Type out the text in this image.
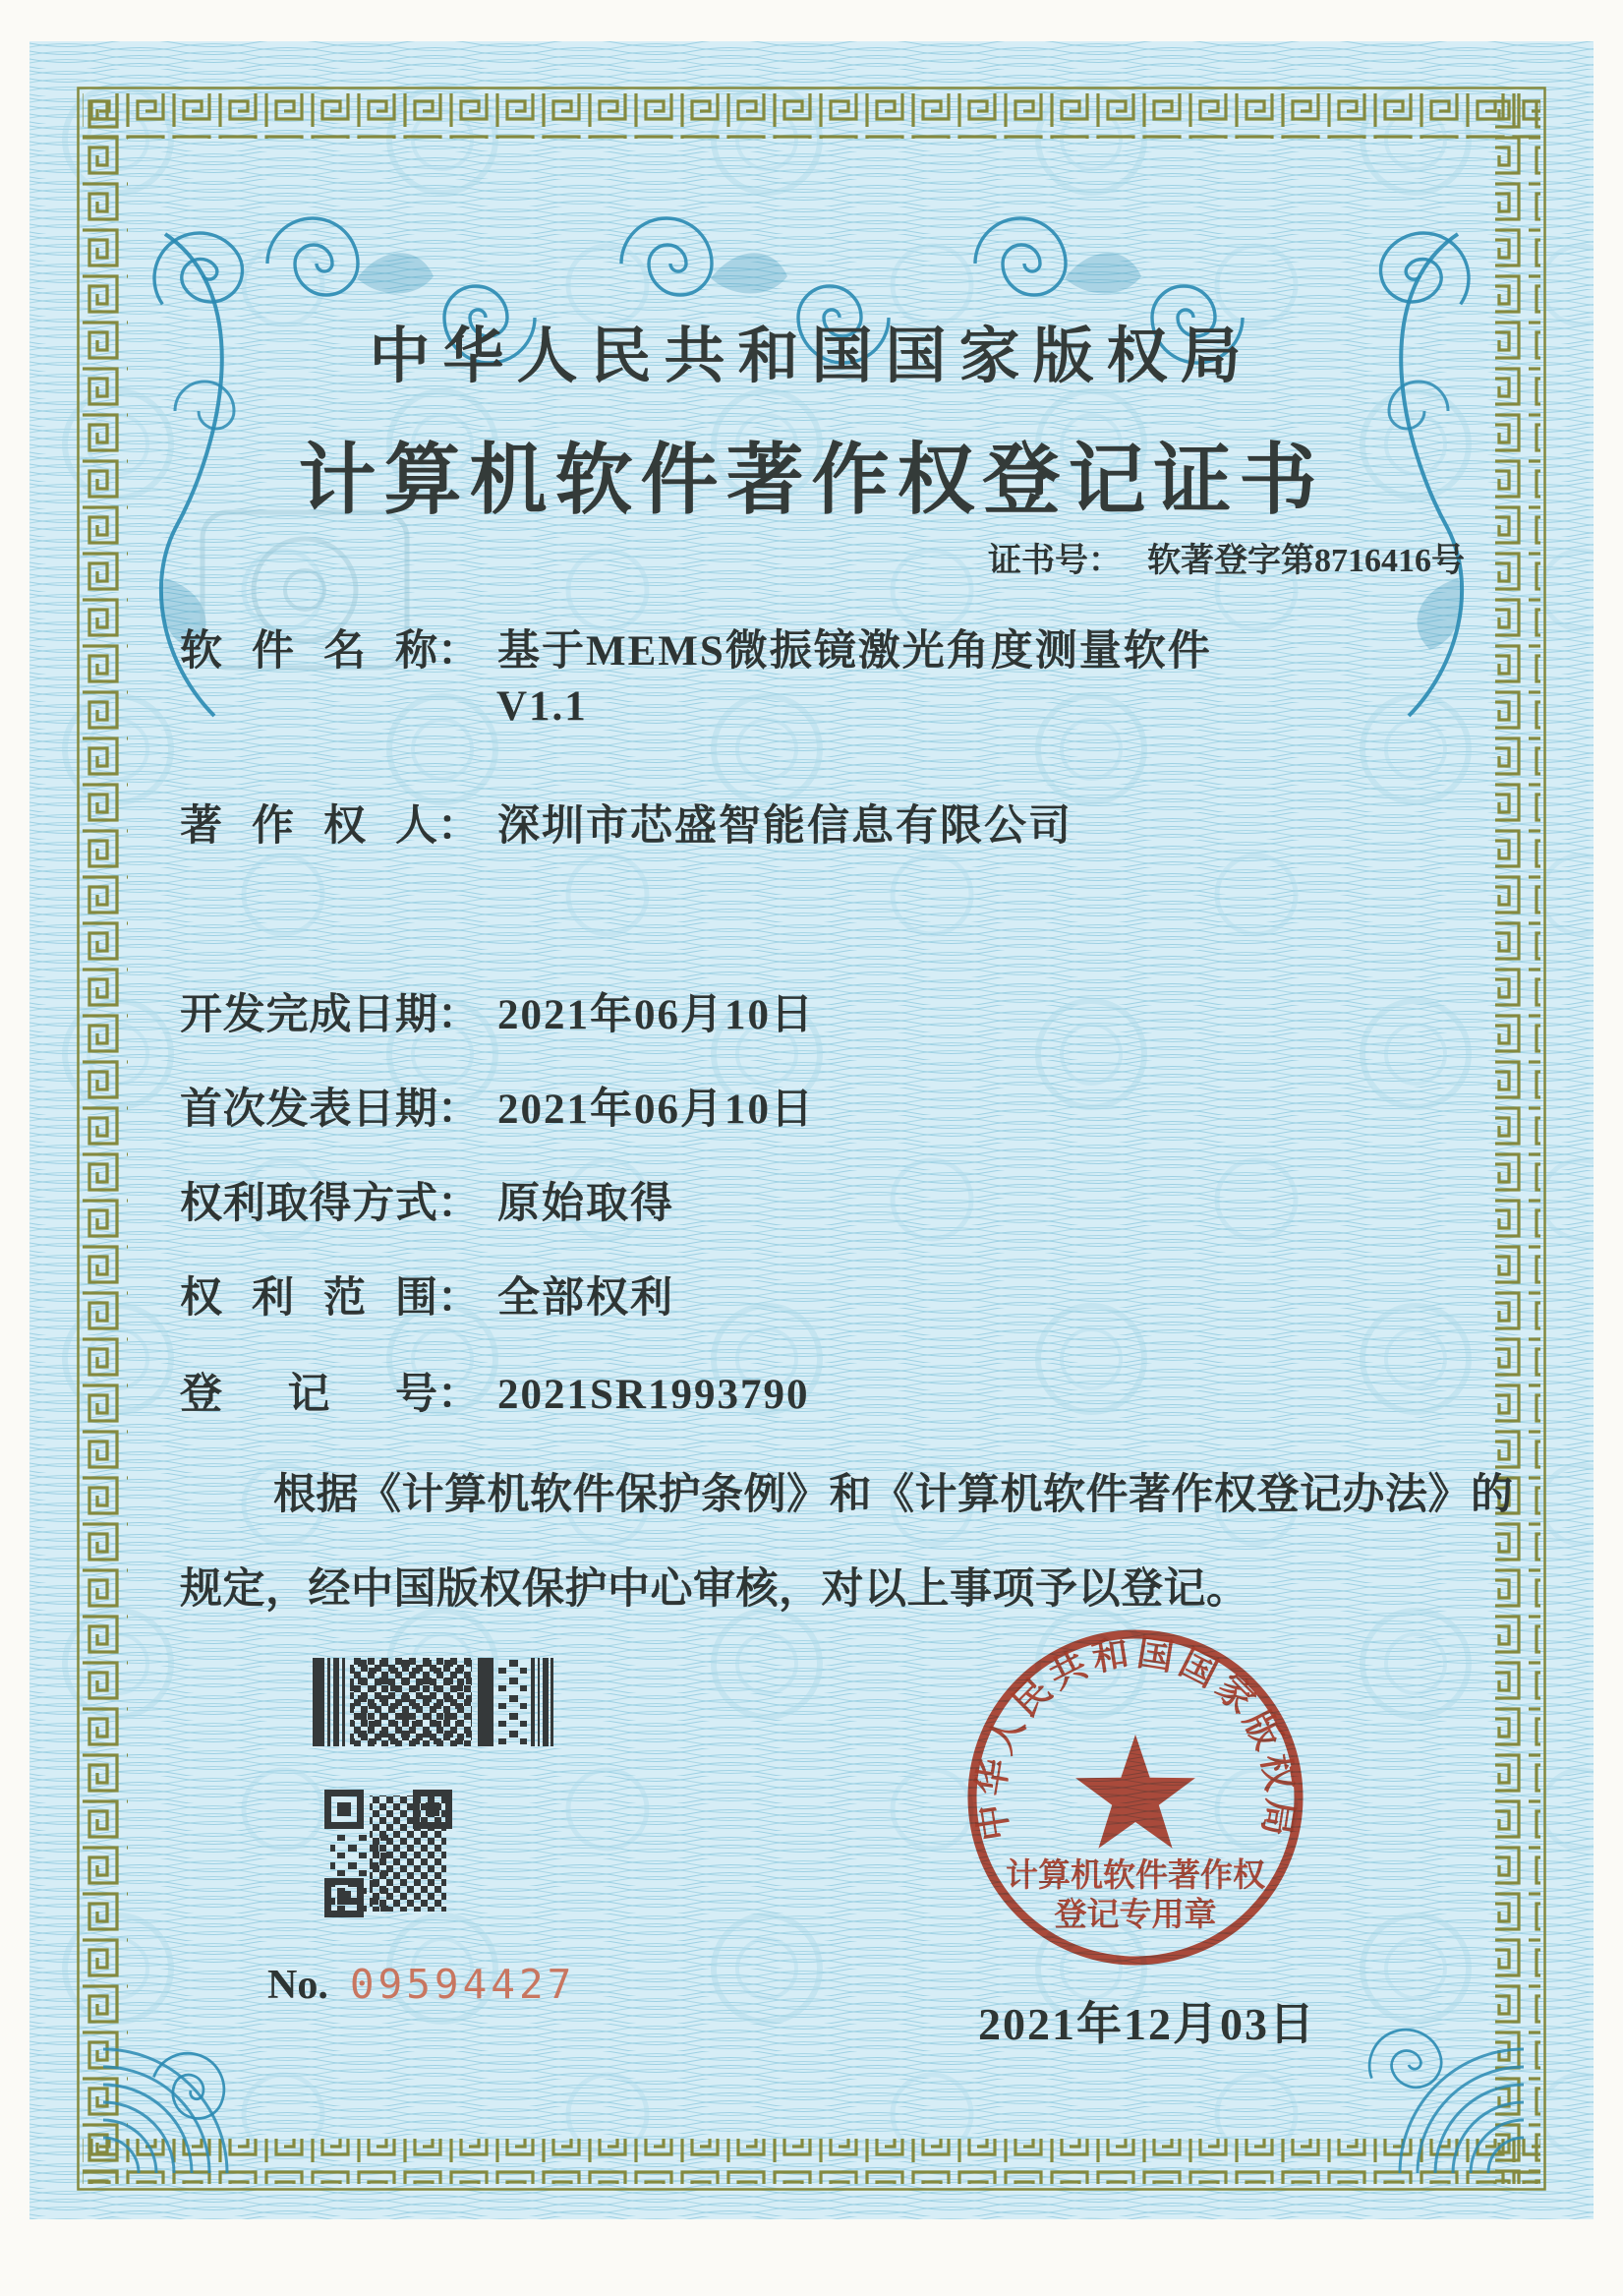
中华人民共和国国家版权局
计算机软件著作权登记证书
证书号： 软著登字第8716416号
软件名称： 基于MEMS微振镜激光角度测量软件
V1.1
著作权人： 深圳市芯盛智能信息有限公司
开发完成日期： 2021年06月10日
首次发表日期： 2021年06月10日
权利取得方式： 原始取得
权利范围： 全部权利
登记号： 2021SR1993790
根据《计算机软件保护条例》和《计算机软件著作权登记办法》的
规定，经中国版权保护中心审核，对以上事项予以登记。
No. 09594427
中华人民共和国国家版权局
计算机软件著作权
登记专用章
2021年12月03日
